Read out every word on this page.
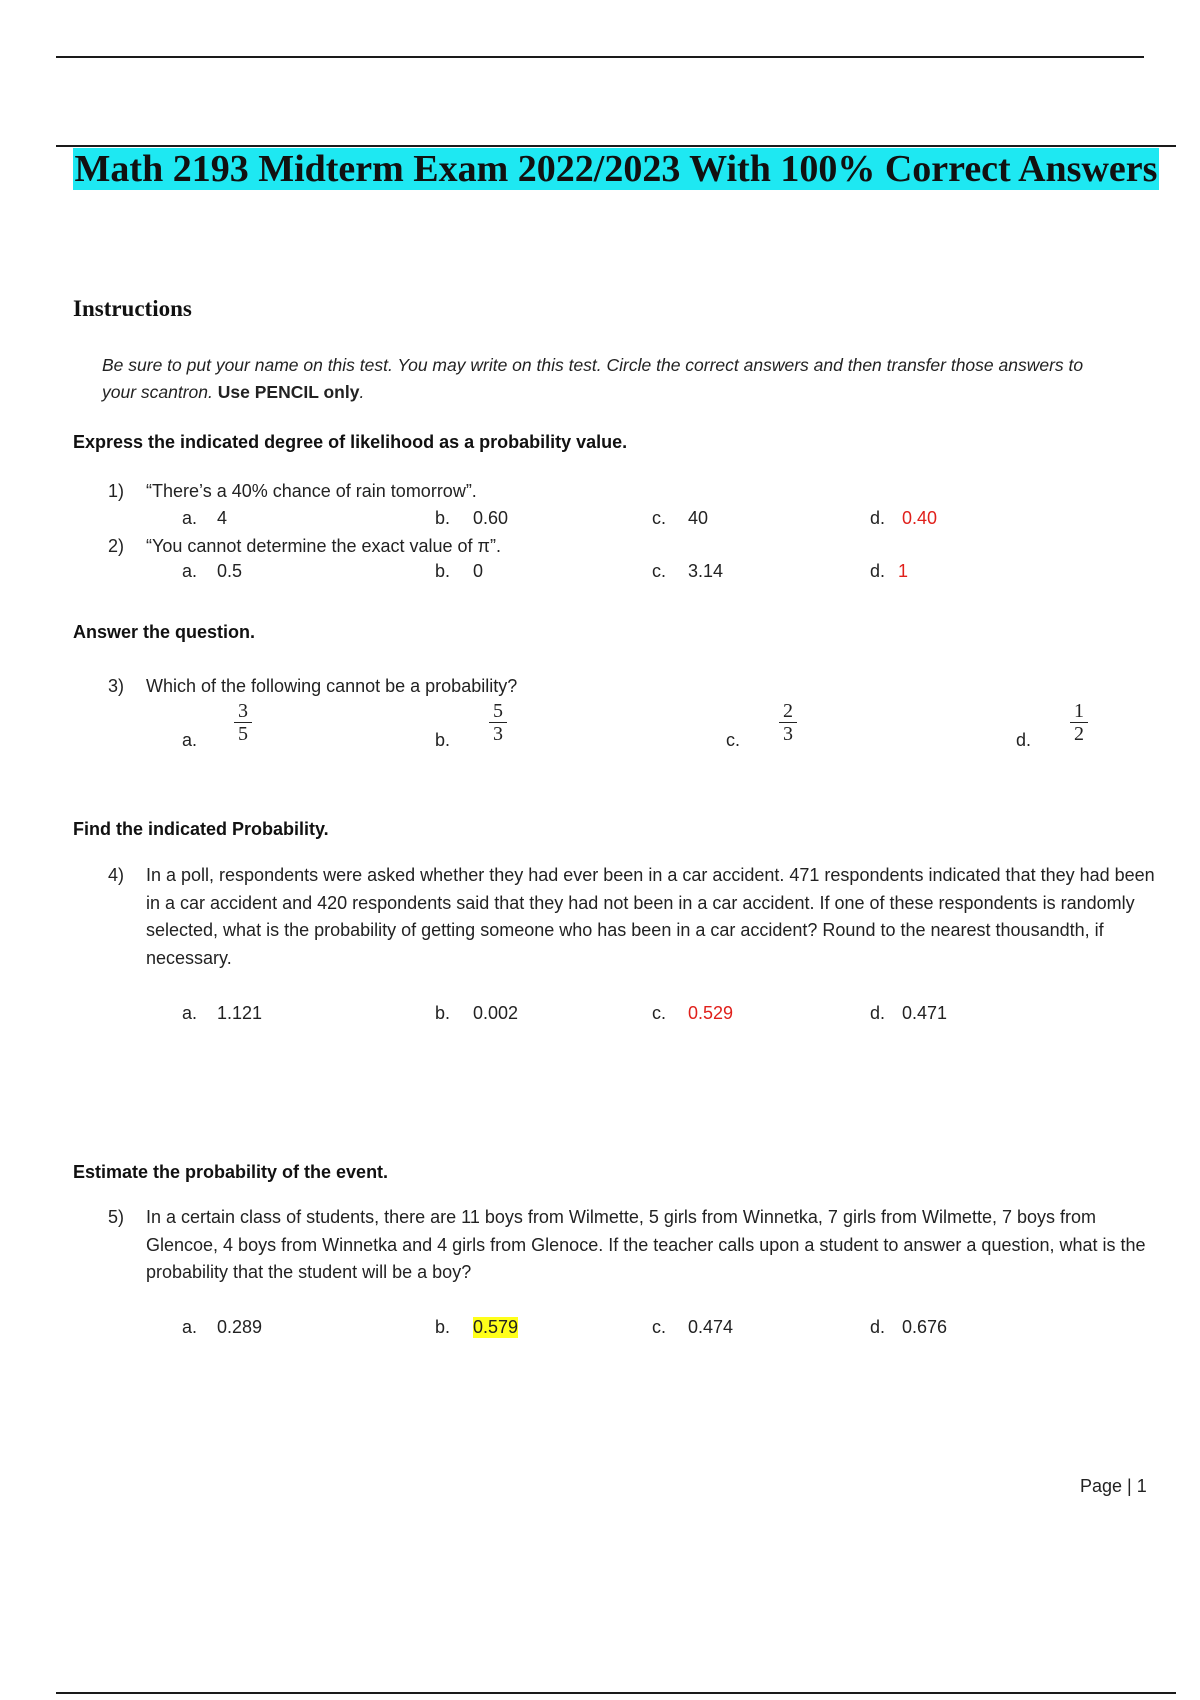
Math 2193 Midterm Exam 2022/2023 With 100% Correct Answers
Instructions
Be sure to put your name on this test. You may write on this test. Circle the correct answers and then transfer those answers to your scantron. Use PENCIL only.
Express the indicated degree of likelihood as a probability value.
1) “There’s a 40% chance of rain tomorrow”.
a. 4	b. 0.60	c. 40	d. 0.40
2) “You cannot determine the exact value of π”.
a. 0.5	b. 0	c. 3.14	d. 1
Answer the question.
3) Which of the following cannot be a probability?
a. $\frac{3}{5}$	b. $\frac{5}{3}$	c. $\frac{2}{3}$	d. $\frac{1}{2}$
Find the indicated Probability.
4) In a poll, respondents were asked whether they had ever been in a car accident. 471 respondents indicated that they had been in a car accident and 420 respondents said that they had not been in a car accident. If one of these respondents is randomly selected, what is the probability of getting someone who has been in a car accident? Round to the nearest thousandth, if necessary.
a. 1.121	b. 0.002	c. 0.529	d. 0.471
Estimate the probability of the event.
5) In a certain class of students, there are 11 boys from Wilmette, 5 girls from Winnetka, 7 girls from Wilmette, 7 boys from Glencoe, 4 boys from Winnetka and 4 girls from Glenoce. If the teacher calls upon a student to answer a question, what is the probability that the student will be a boy?
a. 0.289	b. 0.579	c. 0.474	d. 0.676
Page | 1
